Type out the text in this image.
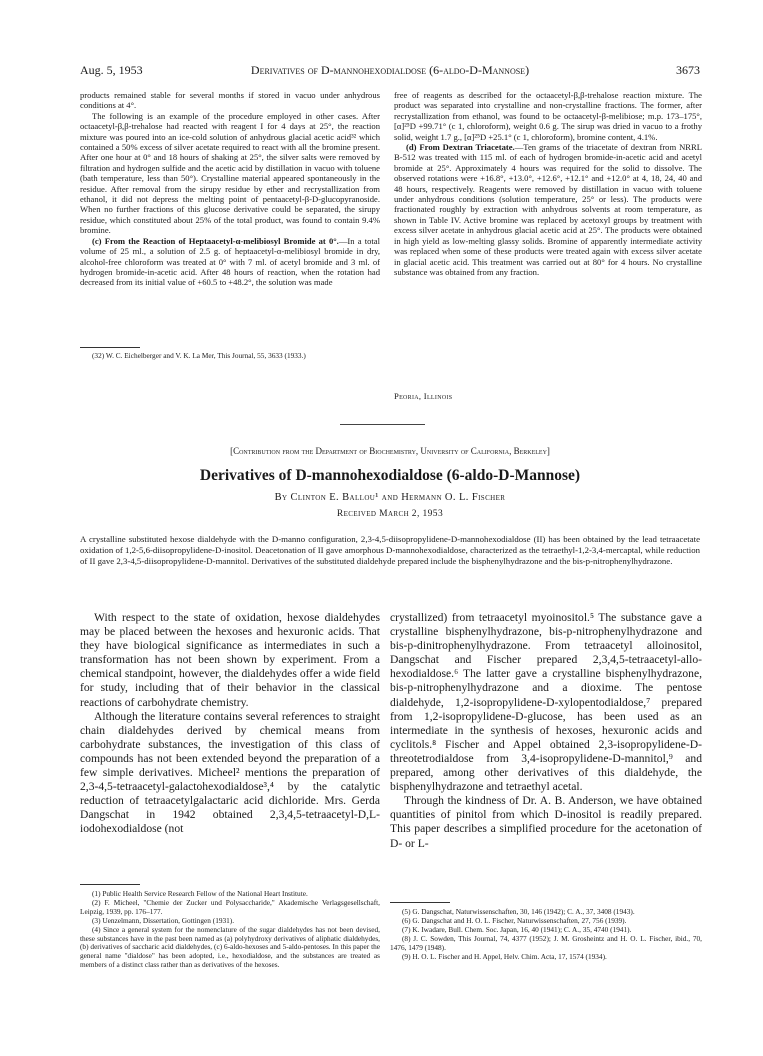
Aug. 5, 1953	Derivatives of D-mannohexodialdose (6-aldo-D-Mannose)	3673

products remained stable for several months if stored in vacuo under anhydrous conditions at 4°.

The following is an example of the procedure employed in other cases. After octaacetyl-β,β-trehalose had reacted with reagent I for 4 days at 25°, the reaction mixture was poured into an ice-cold solution of anhydrous glacial acetic acid³² which contained a 50% excess of silver acetate required to react with all the bromine present. After one hour at 0° and 18 hours of shaking at 25°, the silver salts were removed by filtration and hydrogen sulfide and the acetic acid by distillation in vacuo with toluene (bath temperature, less than 50°). Crystalline material appeared spontaneously in the residue. After removal from the sirupy residue by ether and recrystallization from ethanol, it did not depress the melting point of pentaacetyl-β-D-glucopyranoside. When no further fractions of this glucose derivative could be separated, the sirupy residue, which constituted about 25% of the total product, was found to contain 9.4% bromine.

(c) From the Reaction of Heptaacetyl-α-melibiosyl Bromide at 0°.—In a total volume of 25 ml., a solution of 2.5 g. of heptaacetyl-α-melibiosyl bromide in dry, alcohol-free chloroform was treated at 0° with 7 ml. of acetyl bromide and 3 ml. of hydrogen bromide-in-acetic acid. After 48 hours of reaction, when the rotation had decreased from its initial value of +60.5 to +48.2°, the solution was made

(32) W. C. Eichelberger and V. K. La Mer, This Journal, 55, 3633 (1933.)

free of reagents as described for the octaacetyl-β,β-trehalose reaction mixture. The product was separated into crystalline and non-crystalline fractions. The former, after recrystallization from ethanol, was found to be octaacetyl-β-melibiose; m.p. 173–175°, [α]²⁵D +99.71° (c 1, chloroform), weight 0.6 g. The sirup was dried in vacuo to a frothy solid, weight 1.7 g., [α]²⁵D +25.1° (c 1, chloroform), bromine content, 4.1%.

(d) From Dextran Triacetate.—Ten grams of the triacetate of dextran from NRRL B-512 was treated with 115 ml. of each of hydrogen bromide-in-acetic acid and acetyl bromide at 25°. Approximately 4 hours was required for the solid to dissolve. The observed rotations were +16.8°, +13.0°, +12.6°, +12.1° and +12.0° at 4, 18, 24, 40 and 48 hours, respectively. Reagents were removed by distillation in vacuo with toluene under anhydrous conditions (solution temperature, 25° or less). The products were fractionated roughly by extraction with anhydrous solvents at room temperature, as shown in Table IV. Active bromine was replaced by acetoxyl groups by treatment with excess silver acetate in anhydrous glacial acetic acid at 25°. The products were obtained in high yield as low-melting glassy solids. Bromine of apparently intermediate activity was replaced when some of these products were treated again with excess silver acetate in glacial acetic acid. This treatment was carried out at 80° for 4 hours. No crystalline substance was obtained from any fraction.

Peoria, Illinois
[Contribution from the Department of Biochemistry, University of California, Berkeley]
Derivatives of D-mannohexodialdose (6-aldo-D-Mannose)
By Clinton E. Ballou¹ and Hermann O. L. Fischer
Received March 2, 1953
A crystalline substituted hexose dialdehyde with the D-manno configuration, 2,3-4,5-diisopropylidene-D-mannohexodialdose (II) has been obtained by the lead tetraacetate oxidation of 1,2-5,6-diisopropylidene-D-inositol. Deacetonation of II gave amorphous D-mannohexodialdose, characterized as the tetraethyl-1,2-3,4-mercaptal, while reduction of II gave 2,3-4,5-diisopropylidene-D-mannitol. Derivatives of the substituted dialdehyde prepared include the bisphenylhydrazone and the bis-p-nitrophenylhydrazone.

With respect to the state of oxidation, hexose dialdehydes may be placed between the hexoses and hexuronic acids. That they have biological significance as intermediates in such a transformation has not been shown by experiment. From a chemical standpoint, however, the dialdehydes offer a wide field for study, including that of their behavior in the classical reactions of carbohydrate chemistry.

Although the literature contains several references to straight chain dialdehydes derived by chemical means from carbohydrate substances, the investigation of this class of compounds has not been extended beyond the preparation of a few simple derivatives. Micheel² mentions the preparation of 2,3-4,5-tetraacetyl-galactohexodialdose³,⁴ by the catalytic reduction of tetraacetylgalactaric acid dichloride. Mrs. Gerda Dangschat in 1942 obtained 2,3,4,5-tetraacetyl-D,L-iodohexodialdose (not

crystallized) from tetraacetyl myoinositol.⁵ The substance gave a crystalline bisphenylhydrazone, bis-p-nitrophenylhydrazone and bis-p-dinitrophenylhydrazone. From tetraacetyl alloinositol, Dangschat and Fischer prepared 2,3,4,5-tetraacetyl-allo-hexodialdose.⁶ The latter gave a crystalline bisphenylhydrazone, bis-p-nitrophenylhydrazone and a dioxime. The pentose dialdehyde, 1,2-isopropylidene-D-xylopentodialdose,⁷ prepared from 1,2-isopropylidene-D-glucose, has been used as an intermediate in the synthesis of hexoses, hexuronic acids and cyclitols.⁸ Fischer and Appel obtained 2,3-isopropylidene-D-threotetrodialdose from 3,4-isopropylidene-D-mannitol,⁹ and prepared, among other derivatives of this dialdehyde, the bisphenylhydrazone and tetraethyl acetal.

Through the kindness of Dr. A. B. Anderson, we have obtained quantities of pinitol from which D-inositol is readily prepared. This paper describes a simplified procedure for the acetonation of D- or L-

(1) Public Health Service Research Fellow of the National Heart Institute.

(2) F. Micheel, "Chemie der Zucker und Polysaccharide," Akademische Verlagsgesellschaft, Leipzig, 1939, pp. 176–177.

(3) Uenzelmann, Dissertation, Gottingen (1931).

(4) Since a general system for the nomenclature of the sugar dialdehydes has not been devised, these substances have in the past been named as (a) polyhydroxy derivatives of aliphatic dialdehydes, (b) derivatives of saccharic acid dialdehydes, (c) 6-aldo-hexoses and 5-aldo-pentoses. In this paper the general name "dialdose" has been adopted, i.e., hexodialdose, and the substances are treated as members of a distinct class rather than as derivatives of the hexoses.

(5) G. Dangschat, Naturwissenschaften, 30, 146 (1942); C. A., 37, 3408 (1943).

(6) G. Dangschat and H. O. L. Fischer, Naturwissenschaften, 27, 756 (1939).

(7) K. Iwadare, Bull. Chem. Soc. Japan, 16, 40 (1941); C. A., 35, 4740 (1941).

(8) J. C. Sowden, This Journal, 74, 4377 (1952); J. M. Grosheintz and H. O. L. Fischer, ibid., 70, 1476, 1479 (1948).

(9) H. O. L. Fischer and H. Appel, Helv. Chim. Acta, 17, 1574 (1934).
